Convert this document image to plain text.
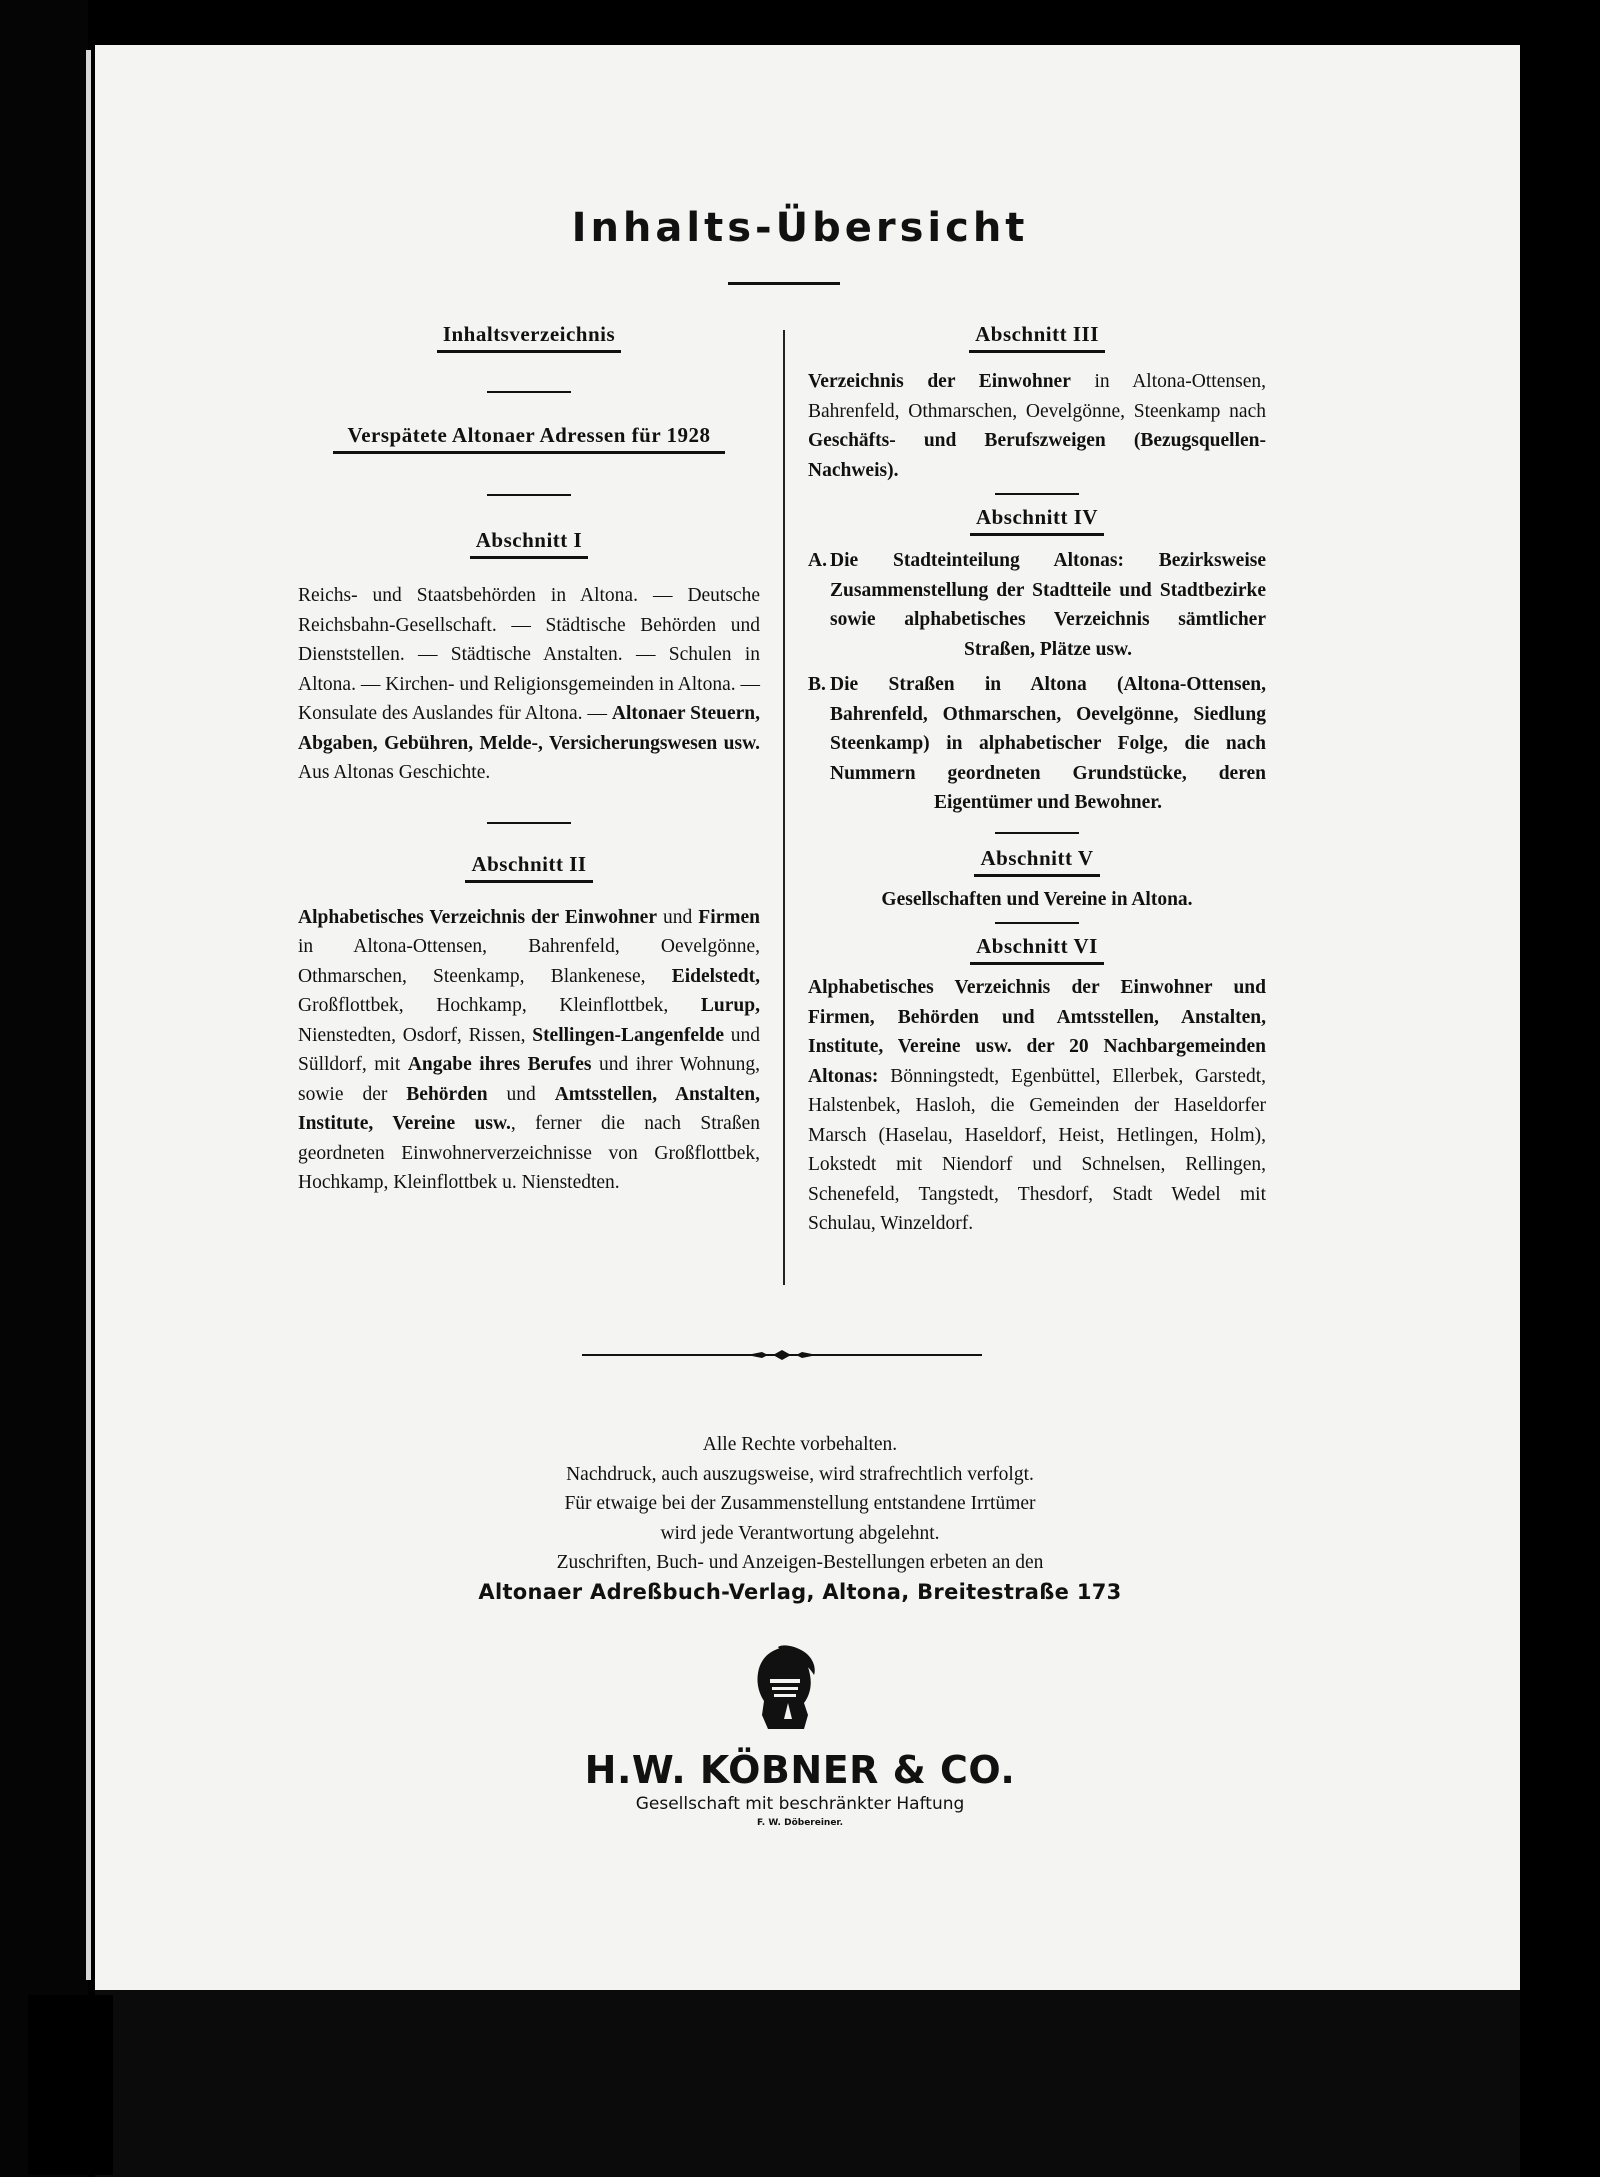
Inhalts-Übersicht
Inhaltsverzeichnis
Verspätete Altonaer Adressen für 1928
Abschnitt I
Reichs- und Staatsbehörden in Altona. — Deutsche Reichsbahn-Gesellschaft. — Städtische Behörden und Dienststellen. — Städtische Anstalten. — Schulen in Altona. — Kirchen- und Religionsgemeinden in Altona. — Konsulate des Auslandes für Altona. — Altonaer Steuern, Abgaben, Gebühren, Melde-, Versicherungswesen usw. Aus Altonas Geschichte.
Abschnitt II
Alphabetisches Verzeichnis der Einwohner und Firmen in Altona-Ottensen, Bahrenfeld, Oevelgönne, Othmarschen, Steenkamp, Blankenese, Eidelstedt, Großflottbek, Hochkamp, Kleinflottbek, Lurup, Nienstedten, Osdorf, Rissen, Stellingen-Langenfelde und Sülldorf, mit Angabe ihres Berufes und ihrer Wohnung, sowie der Behörden und Amtsstellen, Anstalten, Institute, Vereine usw., ferner die nach Straßen geordneten Einwohnerverzeichnisse von Großflottbek, Hochkamp, Kleinflottbek u. Nienstedten.
Abschnitt III
Verzeichnis der Einwohner in Altona-Ottensen, Bahrenfeld, Othmarschen, Oevelgönne, Steenkamp nach Geschäfts- und Berufszweigen (Bezugsquellen-Nachweis).
Abschnitt IV
A. Die Stadteinteilung Altonas: Bezirksweise Zusammenstellung der Stadtteile und Stadtbezirke sowie alphabetisches Verzeichnis sämtlicher Straßen, Plätze usw.
B. Die Straßen in Altona (Altona-Ottensen, Bahrenfeld, Othmarschen, Oevelgönne, Siedlung Steenkamp) in alphabetischer Folge, die nach Nummern geordneten Grundstücke, deren Eigentümer und Bewohner.
Abschnitt V
Gesellschaften und Vereine in Altona.
Abschnitt VI
Alphabetisches Verzeichnis der Einwohner und Firmen, Behörden und Amtsstellen, Anstalten, Institute, Vereine usw. der 20 Nachbargemeinden Altonas: Bönningstedt, Egenbüttel, Ellerbek, Garstedt, Halstenbek, Hasloh, die Gemeinden der Haseldorfer Marsch (Haselau, Haseldorf, Heist, Hetlingen, Holm), Lokstedt mit Niendorf und Schnelsen, Rellingen, Schenefeld, Tangstedt, Thesdorf, Stadt Wedel mit Schulau, Winzeldorf.
Alle Rechte vorbehalten.
Nachdruck, auch auszugsweise, wird strafrechtlich verfolgt.
Für etwaige bei der Zusammenstellung entstandene Irrtümer
wird jede Verantwortung abgelehnt.
Zuschriften, Buch- und Anzeigen-Bestellungen erbeten an den
Altonaer Adreßbuch-Verlag, Altona, Breitestraße 173
H.W. KÖBNER & CO.
Gesellschaft mit beschränkter Haftung
F. W. Döbereiner.
